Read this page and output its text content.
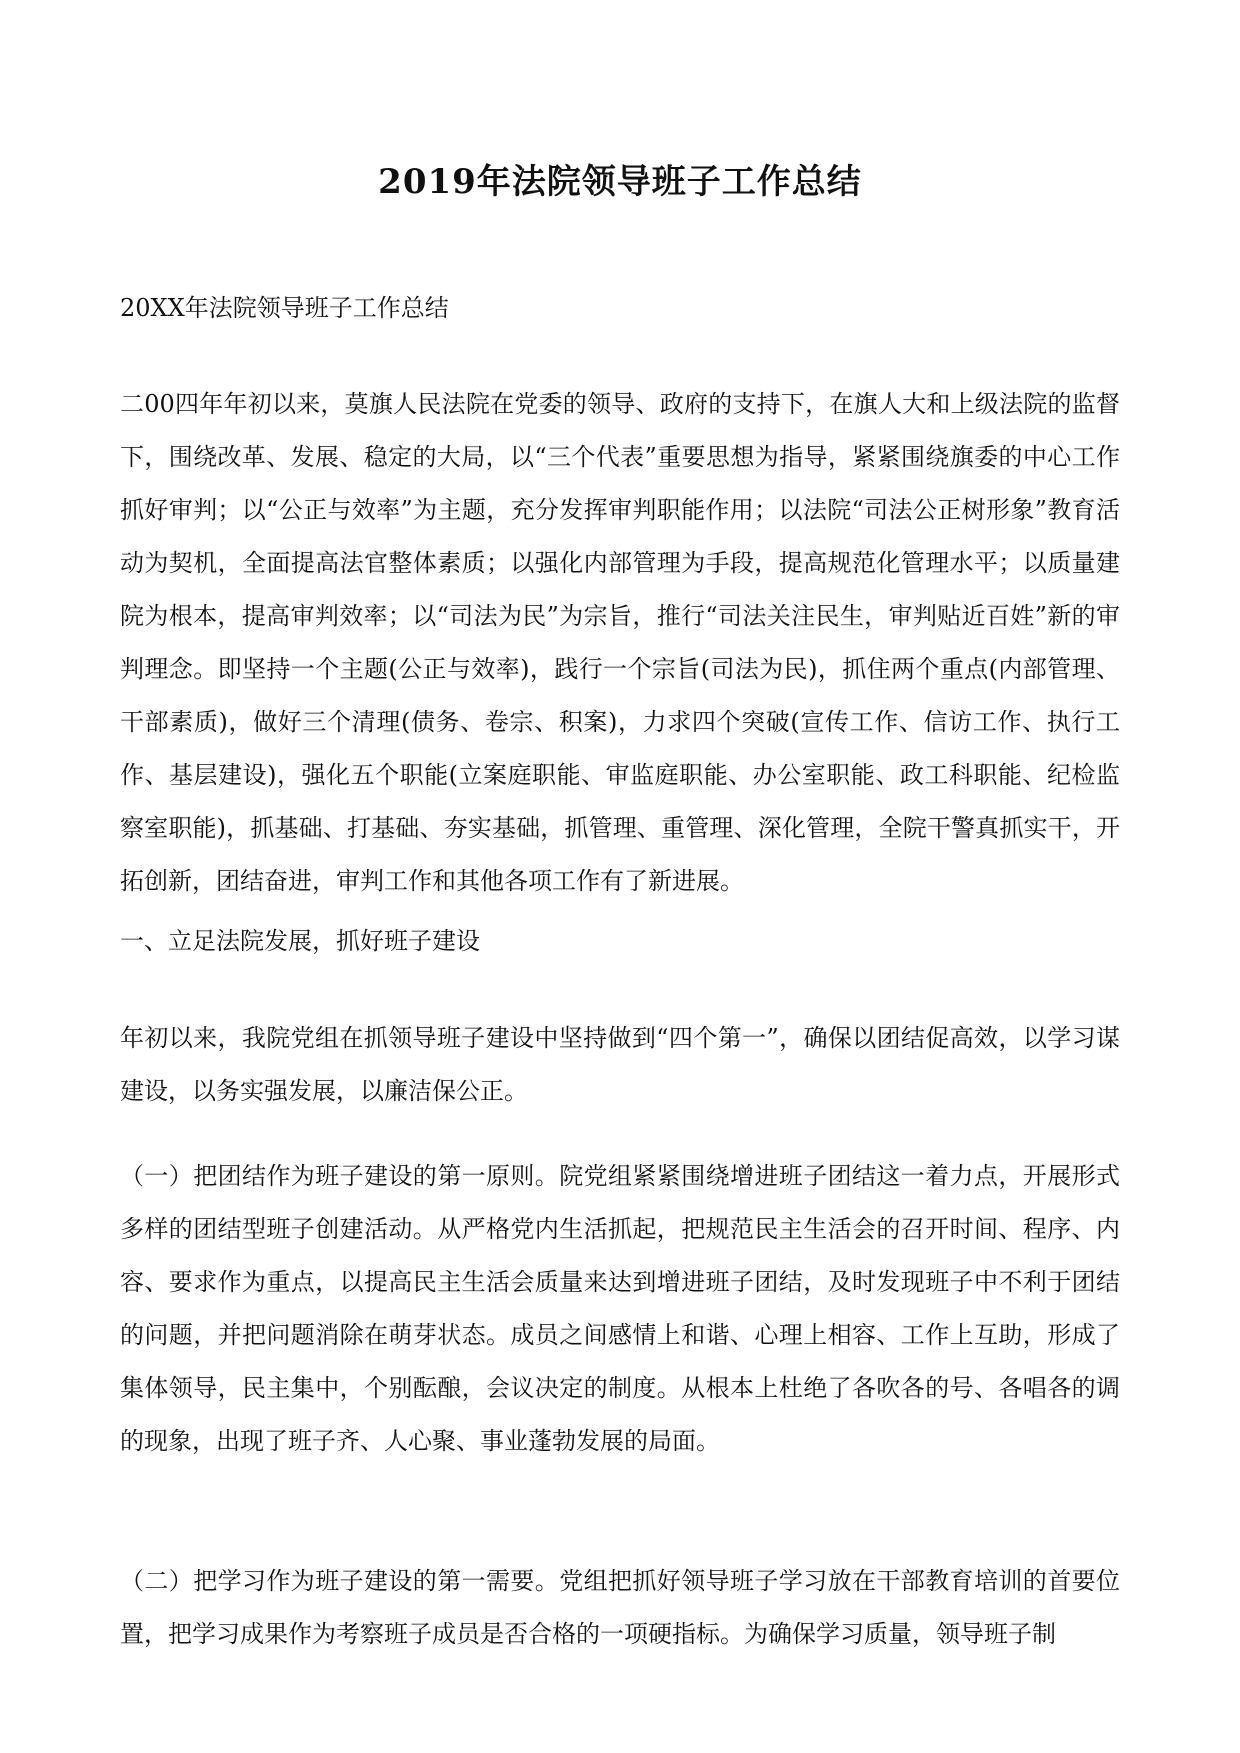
2019年法院领导班子工作总结

20XX年法院领导班子工作总结

二00四年年初以来，莫旗人民法院在党委的领导、政府的支持下，在旗人大和上级法院的监督下，围绕改革、发展、稳定的大局，以“三个代表”重要思想为指导，紧紧围绕旗委的中心工作抓好审判；以“公正与效率”为主题，充分发挥审判职能作用；以法院“司法公正树形象”教育活动为契机，全面提高法官整体素质；以强化内部管理为手段，提高规范化管理水平；以质量建院为根本，提高审判效率；以“司法为民”为宗旨，推行“司法关注民生，审判贴近百姓”新的审判理念。即坚持一个主题(公正与效率)，践行一个宗旨(司法为民)，抓住两个重点(内部管理、干部素质)，做好三个清理(债务、卷宗、积案)，力求四个突破(宣传工作、信访工作、执行工作、基层建设)，强化五个职能(立案庭职能、审监庭职能、办公室职能、政工科职能、纪检监察室职能)，抓基础、打基础、夯实基础，抓管理、重管理、深化管理，全院干警真抓实干，开拓创新，团结奋进，审判工作和其他各项工作有了新进展。

一、立足法院发展，抓好班子建设

年初以来，我院党组在抓领导班子建设中坚持做到“四个第一”，确保以团结促高效，以学习谋建设，以务实强发展，以廉洁保公正。

（一）把团结作为班子建设的第一原则。院党组紧紧围绕增进班子团结这一着力点，开展形式多样的团结型班子创建活动。从严格党内生活抓起，把规范民主生活会的召开时间、程序、内容、要求作为重点，以提高民主生活会质量来达到增进班子团结，及时发现班子中不利于团结的问题，并把问题消除在萌芽状态。成员之间感情上和谐、心理上相容、工作上互助，形成了集体领导，民主集中，个别酝酿，会议决定的制度。从根本上杜绝了各吹各的号、各唱各的调的现象，出现了班子齐、人心聚、事业蓬勃发展的局面。

（二）把学习作为班子建设的第一需要。党组把抓好领导班子学习放在干部教育培训的首要位置，把学习成果作为考察班子成员是否合格的一项硬指标。为确保学习质量，领导班子制
